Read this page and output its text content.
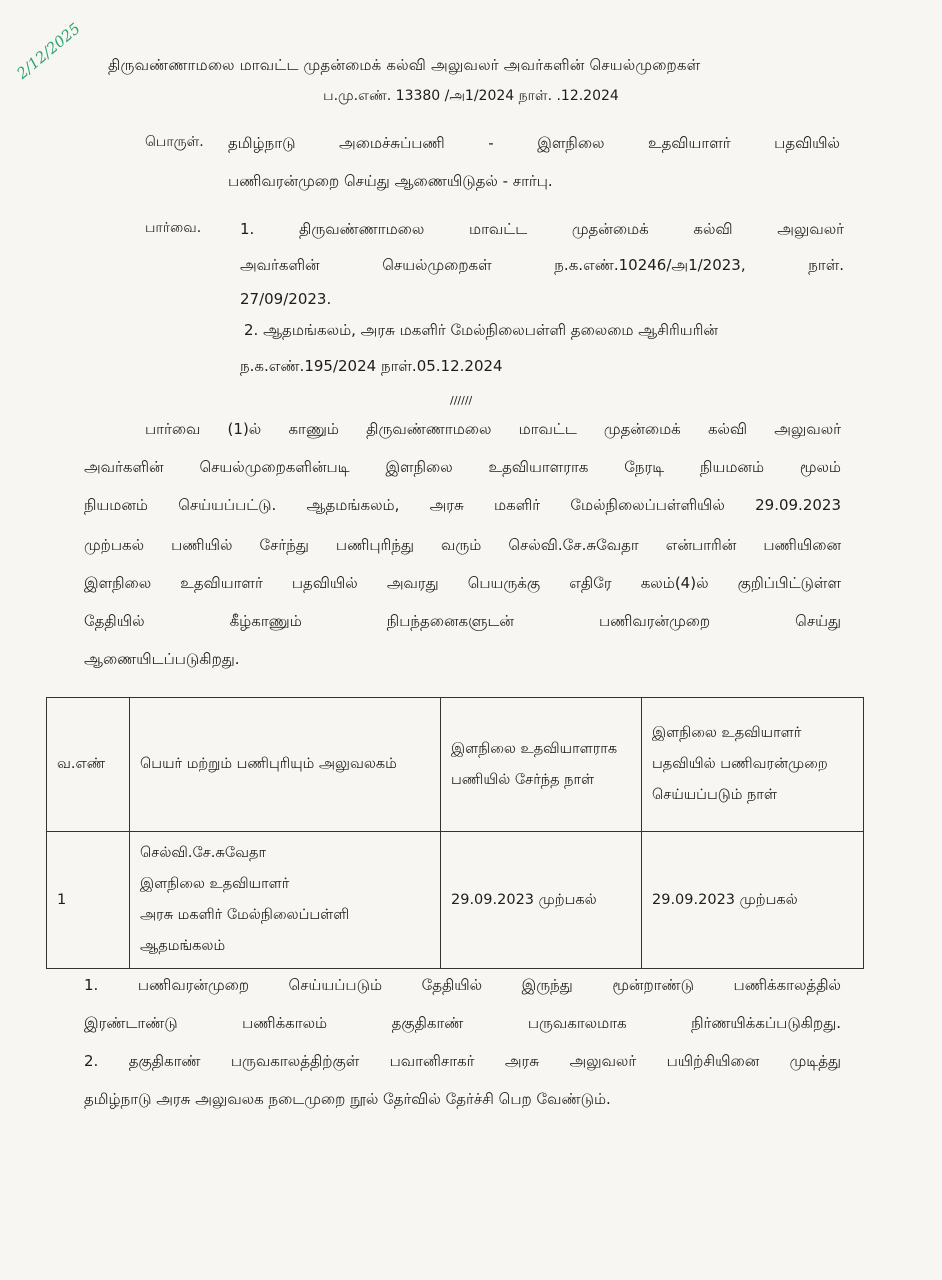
2/12/2025 திருவண்ணாமலை மாவட்ட முதன்மைக் கல்வி அலுவலர் அவர்களின் செயல்முறைகள்
ப.மு.எண். 13380 /அ1/2024 நாள். .12.2024
பொருள். தமிழ்நாடு அமைச்சுப்பணி - இளநிலை உதவியாளர் பதவியில்
பணிவரன்முறை செய்து ஆணையிடுதல் - சார்பு.
பார்வை.	1. திருவண்ணாமலை மாவட்ட முதன்மைக் கல்வி அலுவலர்
அவர்களின் செயல்முறைகள் ந.க.எண்.10246/அ1/2023, நாள்.
27/09/2023.
2. ஆதமங்கலம், அரசு மகளிர் மேல்நிலைபள்ளி தலைமை ஆசிரியரின்
ந.க.எண்.195/2024 நாள்.05.12.2024
//////
பார்வை (1)ல் காணும் திருவண்ணாமலை மாவட்ட முதன்மைக் கல்வி அலுவலர்
அவர்களின் செயல்முறைகளின்படி இளநிலை உதவியாளராக நேரடி நியமனம் மூலம்
நியமனம் செய்யப்பட்டு. ஆதமங்கலம், அரசு மகளிர் மேல்நிலைப்பள்ளியில் 29.09.2023
முற்பகல் பணியில் சேர்ந்து பணிபுரிந்து வரும் செல்வி.சே.சுவேதா என்பாரின் பணியினை
இளநிலை உதவியாளர் பதவியில் அவரது பெயருக்கு எதிரே கலம்(4)ல் குறிப்பிட்டுள்ள
தேதியில் கீழ்காணும் நிபந்தனைகளுடன் பணிவரன்முறை செய்து
ஆணையிடப்படுகிறது.
வ.எண்	பெயர் மற்றும் பணிபுரியும் அலுவலகம்	இளநிலை உதவியாளராக பணியில் சேர்ந்த நாள்	இளநிலை உதவியாளர் பதவியில் பணிவரன்முறை செய்யப்படும் நாள்
1	செல்வி.சே.சுவேதா
இளநிலை உதவியாளர்
அரசு மகளிர் மேல்நிலைப்பள்ளி
ஆதமங்கலம்	29.09.2023 முற்பகல்	29.09.2023 முற்பகல்
1. பணிவரன்முறை செய்யப்படும் தேதியில் இருந்து மூன்றாண்டு பணிக்காலத்தில்
இரண்டாண்டு பணிக்காலம் தகுதிகாண் பருவகாலமாக நிர்ணயிக்கப்படுகிறது.
2. தகுதிகாண் பருவகாலத்திற்குள் பவானிசாகர் அரசு அலுவலர் பயிற்சியினை முடித்து
தமிழ்நாடு அரசு அலுவலக நடைமுறை நூல் தேர்வில் தேர்ச்சி பெற வேண்டும்.
